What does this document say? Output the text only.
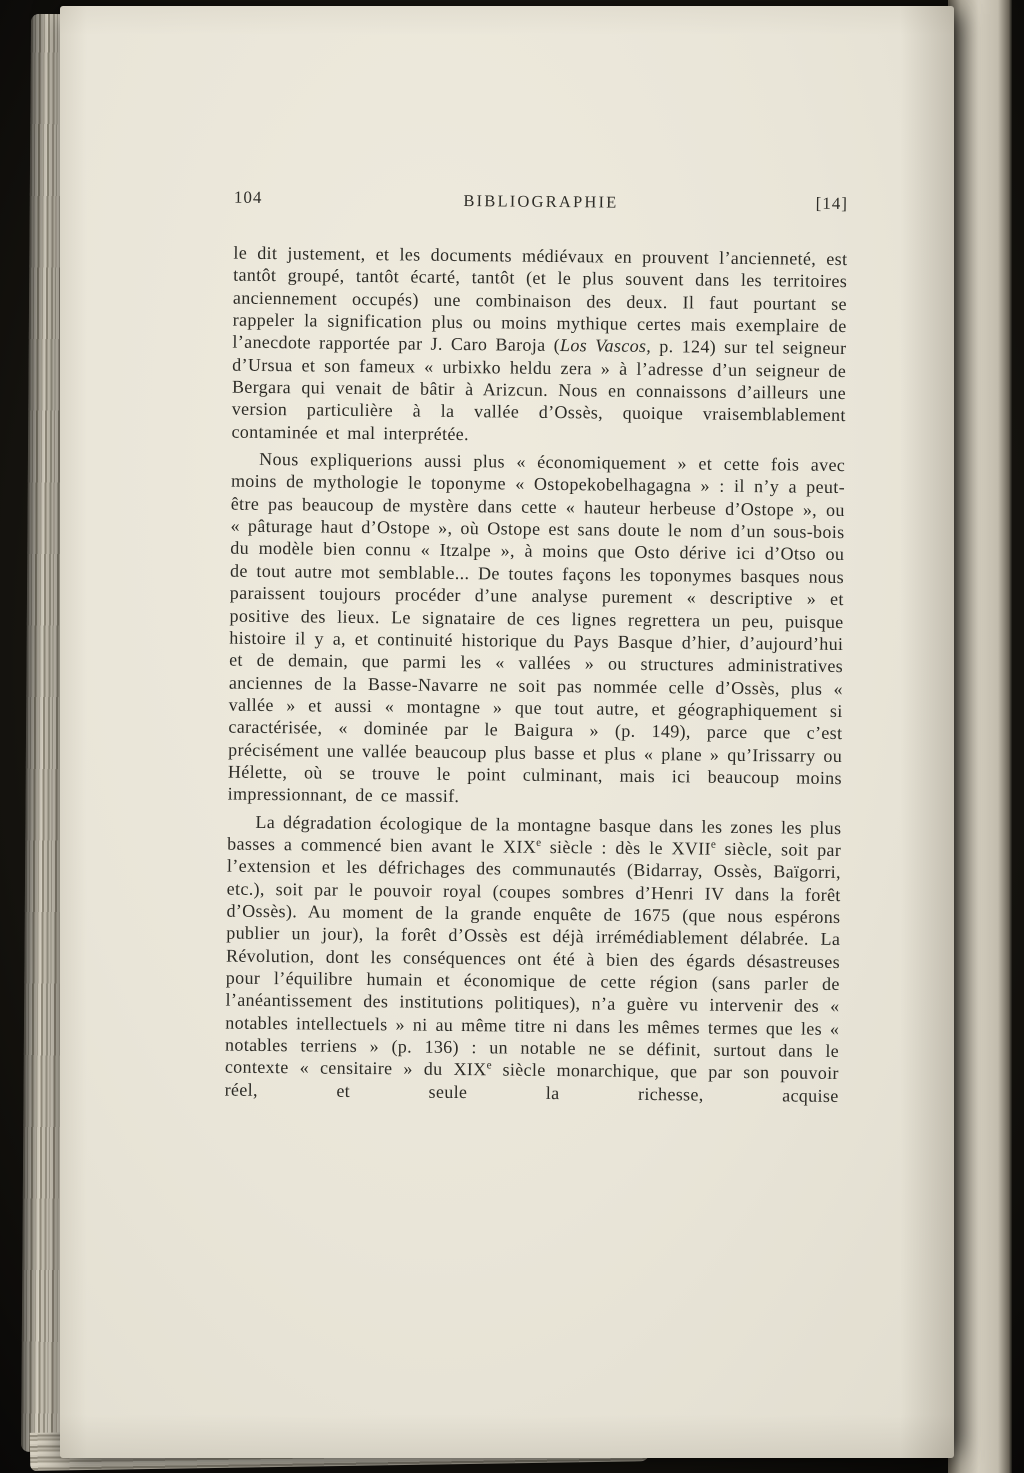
104	BIBLIOGRAPHIE	[14]

le dit justement, et les documents médiévaux en prouvent l’ancienneté, est tantôt groupé, tantôt écarté, tantôt (et le plus souvent dans les territoires anciennement occupés) une combinaison des deux. Il faut pourtant se rappeler la signification plus ou moins mythique certes mais exemplaire de l’anecdote rapportée par J. Caro Baroja (Los Vascos, p. 124) sur tel seigneur d’Ursua et son fameux « urbixko heldu zera » à l’adresse d’un seigneur de Bergara qui venait de bâtir à Arizcun. Nous en connaissons d’ailleurs une version particulière à la vallée d’Ossès, quoique vraisemblablement contaminée et mal interprétée.

Nous expliquerions aussi plus « économiquement » et cette fois avec moins de mythologie le toponyme « Ostopekobelhagagna » : il n’y a peut-être pas beaucoup de mystère dans cette « hauteur herbeuse d’Ostope », ou « pâturage haut d’Ostope », où Ostope est sans doute le nom d’un sous-bois du modèle bien connu « Itzalpe », à moins que Osto dérive ici d’Otso ou de tout autre mot semblable... De toutes façons les toponymes basques nous paraissent toujours procéder d’une analyse purement « descriptive » et positive des lieux. Le signataire de ces lignes regrettera un peu, puisque histoire il y a, et continuité historique du Pays Basque d’hier, d’aujourd’hui et de demain, que parmi les « vallées » ou structures administratives anciennes de la Basse-Navarre ne soit pas nommée celle d’Ossès, plus « vallée » et aussi « montagne » que tout autre, et géographiquement si caractérisée, « dominée par le Baigura » (p. 149), parce que c’est précisément une vallée beaucoup plus basse et plus « plane » qu’Irissarry ou Hélette, où se trouve le point culminant, mais ici beaucoup moins impressionnant, de ce massif.

La dégradation écologique de la montagne basque dans les zones les plus basses a commencé bien avant le XIXe siècle : dès le XVIIe siècle, soit par l’extension et les défrichages des communautés (Bidarray, Ossès, Baïgorri, etc.), soit par le pouvoir royal (coupes sombres d’Henri IV dans la forêt d’Ossès). Au moment de la grande enquête de 1675 (que nous espérons publier un jour), la forêt d’Ossès est déjà irrémédiablement délabrée. La Révolution, dont les conséquences ont été à bien des égards désastreuses pour l’équilibre humain et économique de cette région (sans parler de l’anéantissement des institutions politiques), n’a guère vu intervenir des « notables intellectuels » ni au même titre ni dans les mêmes termes que les « notables terriens » (p. 136) : un notable ne se définit, surtout dans le contexte « censitaire » du XIXe siècle monarchique, que par son pouvoir réel, et seule la richesse, acquise
